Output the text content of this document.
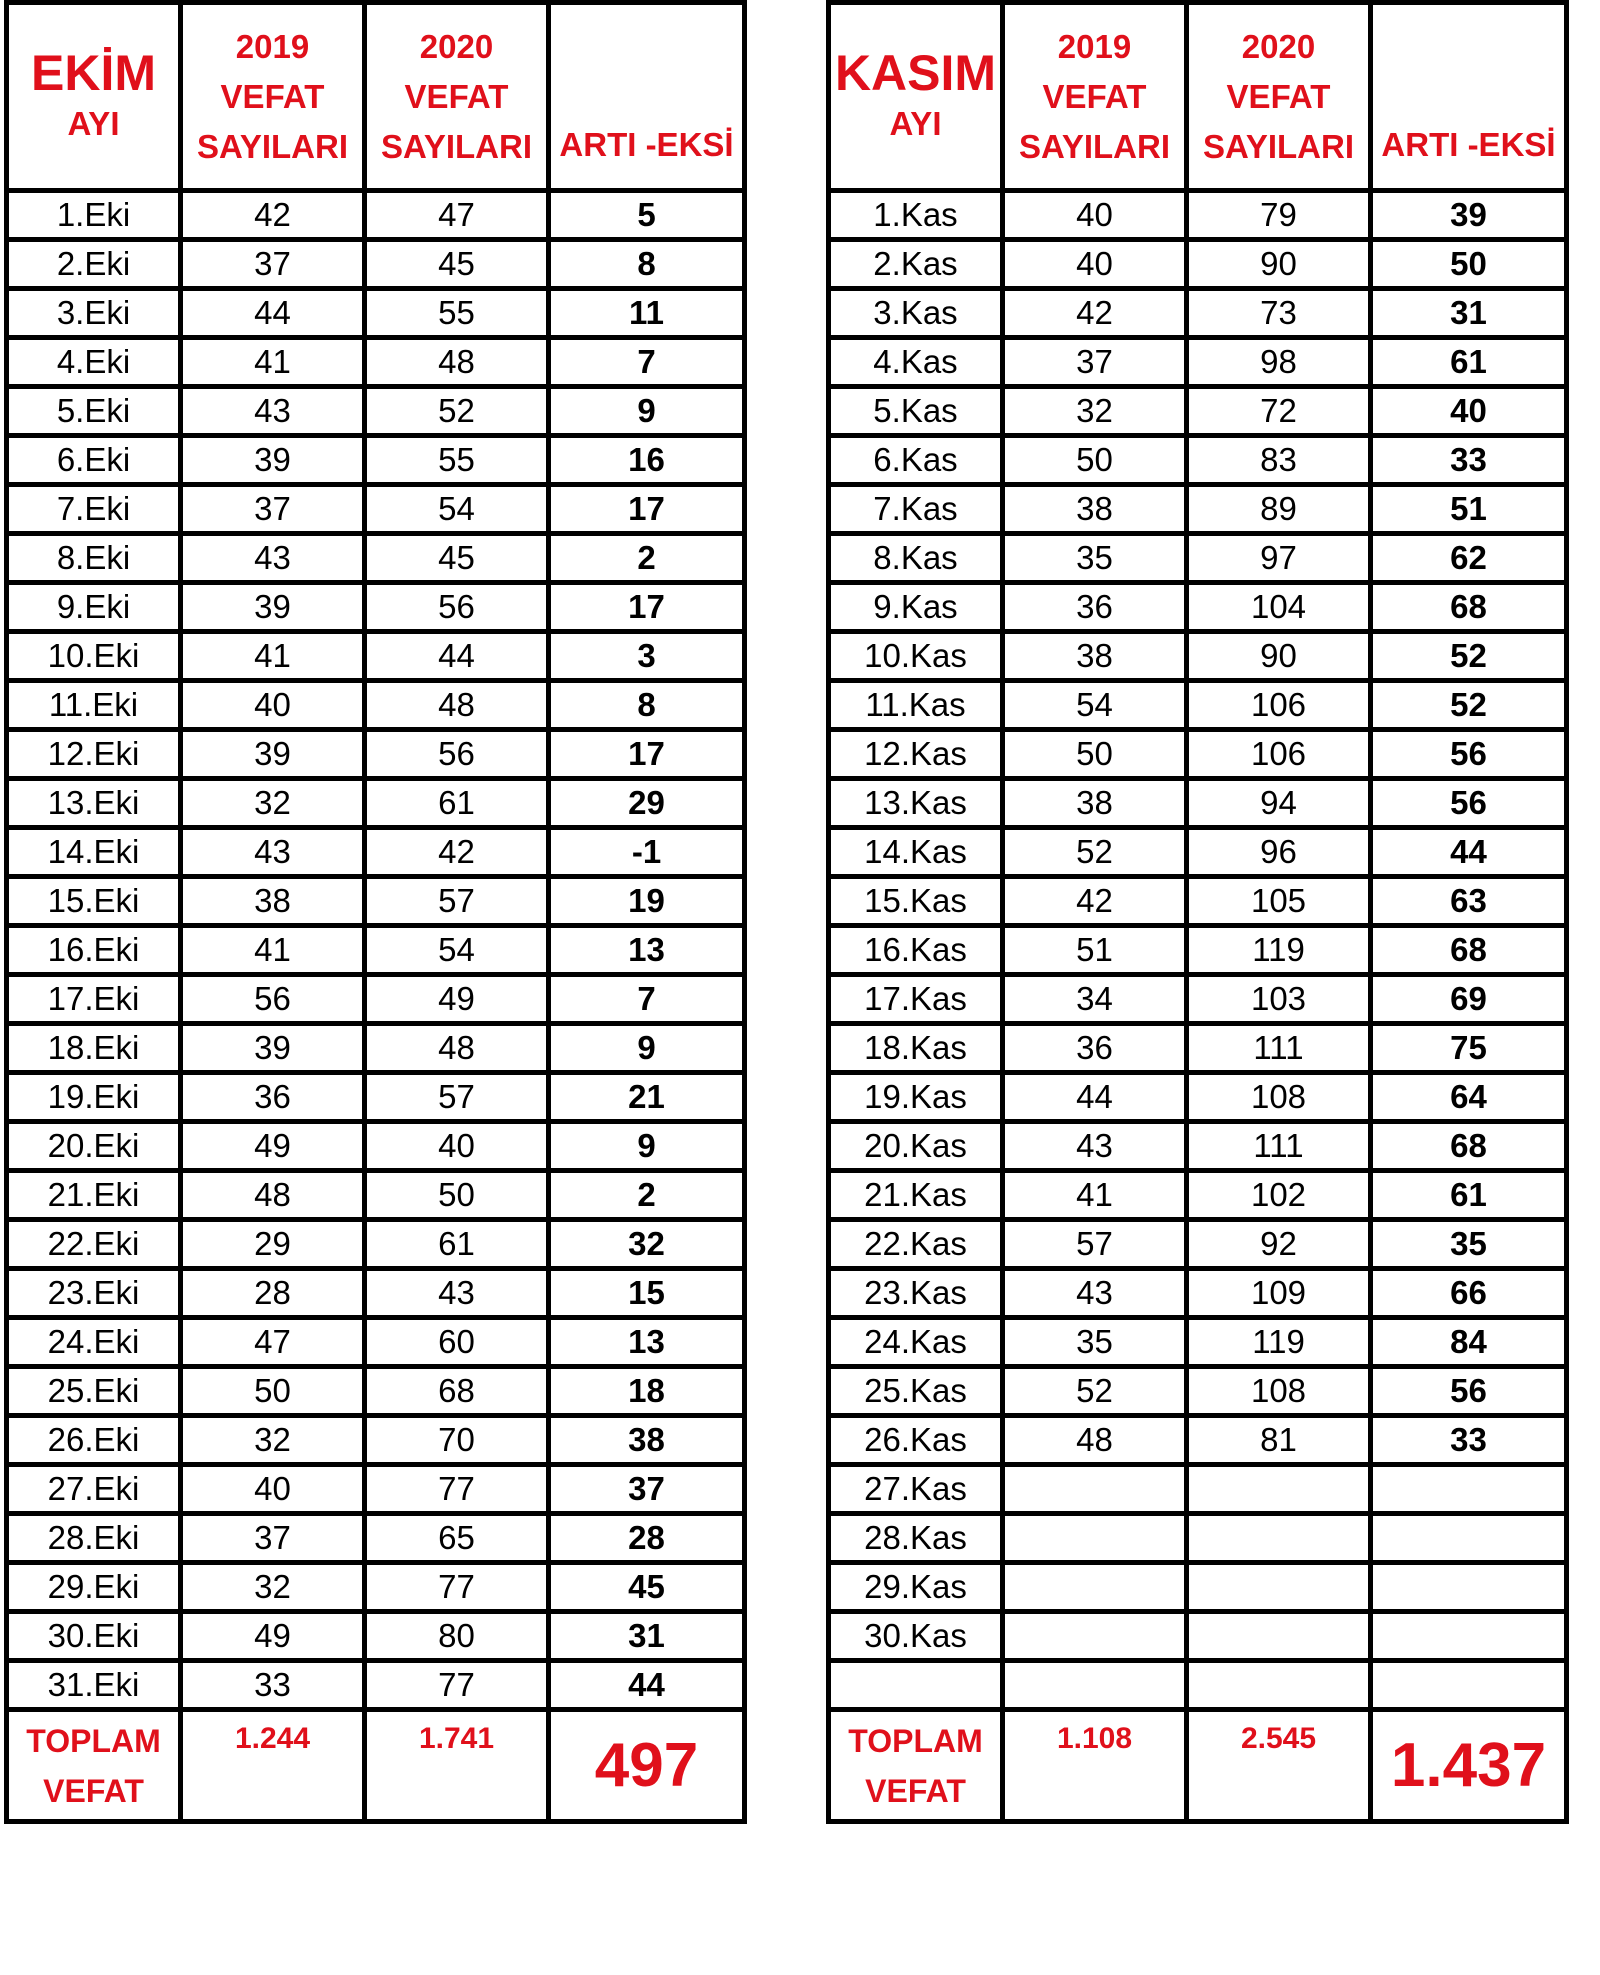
EKİM
AYI	2019
VEFAT
SAYILARI	2020
VEFAT
SAYILARI	ARTI -EKSİ
1.Eki	42	47	5
2.Eki	37	45	8
3.Eki	44	55	11
4.Eki	41	48	7
5.Eki	43	52	9
6.Eki	39	55	16
7.Eki	37	54	17
8.Eki	43	45	2
9.Eki	39	56	17
10.Eki	41	44	3
11.Eki	40	48	8
12.Eki	39	56	17
13.Eki	32	61	29
14.Eki	43	42	-1
15.Eki	38	57	19
16.Eki	41	54	13
17.Eki	56	49	7
18.Eki	39	48	9
19.Eki	36	57	21
20.Eki	49	40	9
21.Eki	48	50	2
22.Eki	29	61	32
23.Eki	28	43	15
24.Eki	47	60	13
25.Eki	50	68	18
26.Eki	32	70	38
27.Eki	40	77	37
28.Eki	37	65	28
29.Eki	32	77	45
30.Eki	49	80	31
31.Eki	33	77	44
TOPLAM VEFAT	1.244	1.741	497
KASIM
AYI	2019
VEFAT
SAYILARI	2020
VEFAT
SAYILARI	ARTI -EKSİ
1.Kas	40	79	39
2.Kas	40	90	50
3.Kas	42	73	31
4.Kas	37	98	61
5.Kas	32	72	40
6.Kas	50	83	33
7.Kas	38	89	51
8.Kas	35	97	62
9.Kas	36	104	68
10.Kas	38	90	52
11.Kas	54	106	52
12.Kas	50	106	56
13.Kas	38	94	56
14.Kas	52	96	44
15.Kas	42	105	63
16.Kas	51	119	68
17.Kas	34	103	69
18.Kas	36	111	75
19.Kas	44	108	64
20.Kas	43	111	68
21.Kas	41	102	61
22.Kas	57	92	35
23.Kas	43	109	66
24.Kas	35	119	84
25.Kas	52	108	56
26.Kas	48	81	33
27.Kas			
28.Kas			
29.Kas			
30.Kas			

TOPLAM VEFAT	1.108	2.545	1.437
